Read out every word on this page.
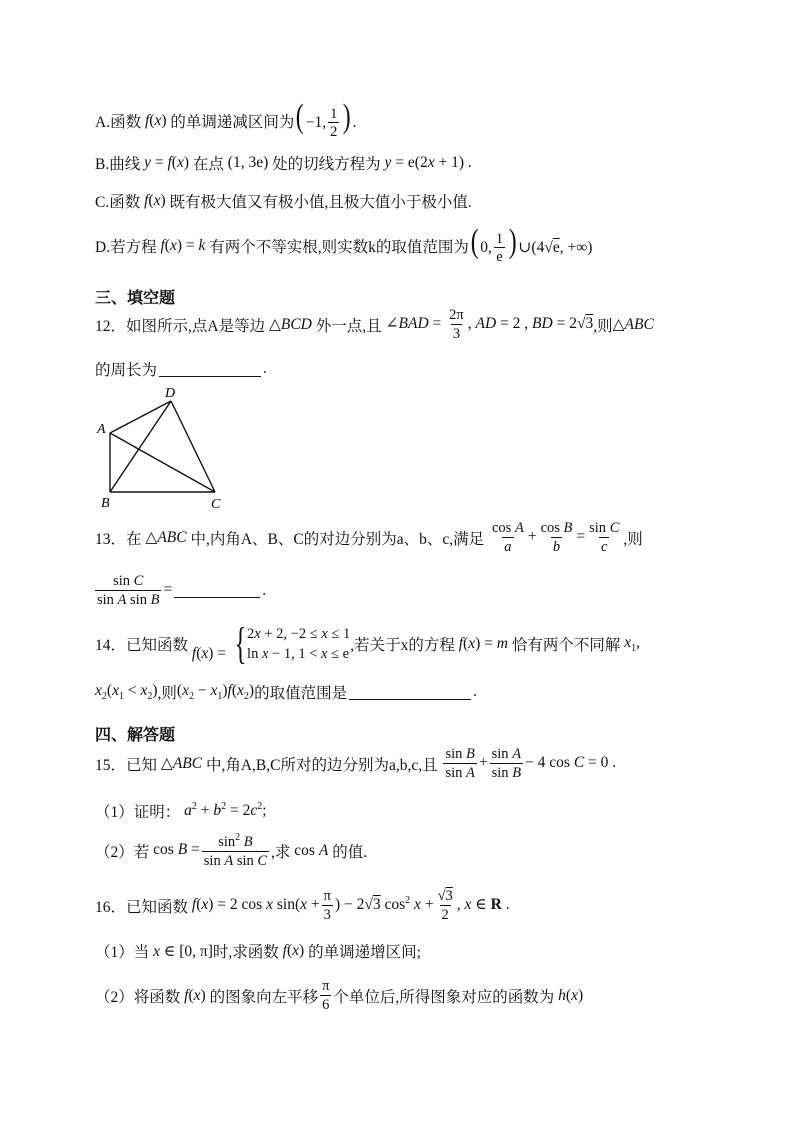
A.函数 f(x) 的单调递减区间为 ( −1, $\frac{1}{2}$ ) .
B.曲线 y = f(x) 在点 (1, 3e) 处的切线方程为 y = e(2x + 1) .
C.函数 f(x) 既有极大值又有极小值,且极大值小于极小值.
D.若方程 f(x) = k 有两个不等实根,则实数k的取值范围为 ( 0, $\frac{1}{e}$ ) ∪(4√e, +∞)
三、填空题
12．如图所示,点A是等边 △BCD 外一点,且 ∠BAD = $\frac{2\pi}{3}$ , AD = 2 , BD = 2√3 ,则 △ABC
的周长为	.
A
D
B	C
13．在 △ABC 中,内角A、B、C的对边分别为a、b、c,满足
$\frac{\text{cos A}}{a} + \frac{\text{cos B}}{b} = \frac{\text{sin C}}{c}$ ,则
$\frac{\text{sin C}}{\text{sin A sin B}}$ =	.
14．已知函数 f(x) = { 2x + 2, −2 ≤ x ≤ 1
ln x − 1, 1 < x ≤ e ,若关于x的方程 f(x) = m 恰有两个不同解 $x_1$,
$x_2(x_1 < x_2)$ ,则 $(x_2 - x_1)f(x_2)$ 的取值范围是	.
四、解答题
15．已知 △ABC 中,角A,B,C所对的边分别为a,b,c,且
$\frac{\text{sin B}}{\text{sin A}} + \frac{\text{sin A}}{\text{sin B}} - 4$ cos C = 0 .
（1）证明： $a^2 + b^2 = 2c^2$;
（2）若 $\cos B = \frac{\sin^2 B}{\text{sin A sin C}}$ ,求 cos A 的值.
16．已知函数 f(x) = 2 cos x $\sin(x + \frac{\pi}{3}$ ) − 2√3 $\cos^2 x + \frac{√3}{2}$ , x ∈ R .
（1）当 x ∈ [0, π] 时,求函数 f(x) 的单调递增区间;
（2）将函数 f(x) 的图象向左平移 $\frac{\pi}{6}$ 个单位后,所得图象对应的函数为 h(x)
